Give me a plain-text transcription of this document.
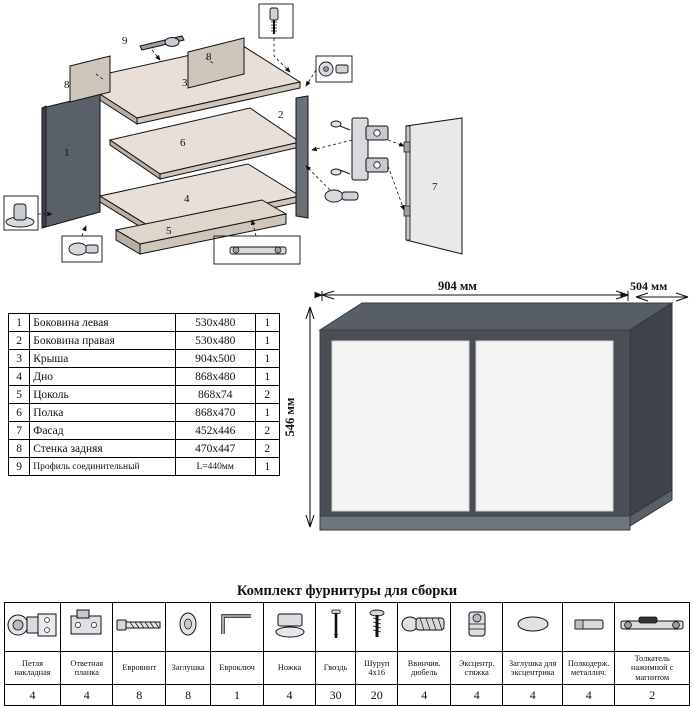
8
8
9
3
1
2
6
4
5
7
1	Боковина левая	530х480	1
2	Боковина правая	530х480	1
3	Крыша	904х500	1
4	Дно	868х480	1
5	Цоколь	868х74	2
6	Полка	868х470	1
7	Фасад	452х446	2
8	Стенка задняя	470х447	2
9	Профиль соединительный	L=440мм	1
904 мм	504 мм
546 мм
Комплект фурнитуры для сборки

Петля накладная	Ответная планка	Евровинт	Заглушка	Евроключ	Ножка	Гвоздь	Шуруп 4х16	Ввинчив. дюбель	Эксцентр. стяжка	Заглушка для эксцентрика	Полкодерж. металлич.	Толкатель нажимной с магнитом
4	4	8	8	1	4	30	20	4	4	4	4	2
